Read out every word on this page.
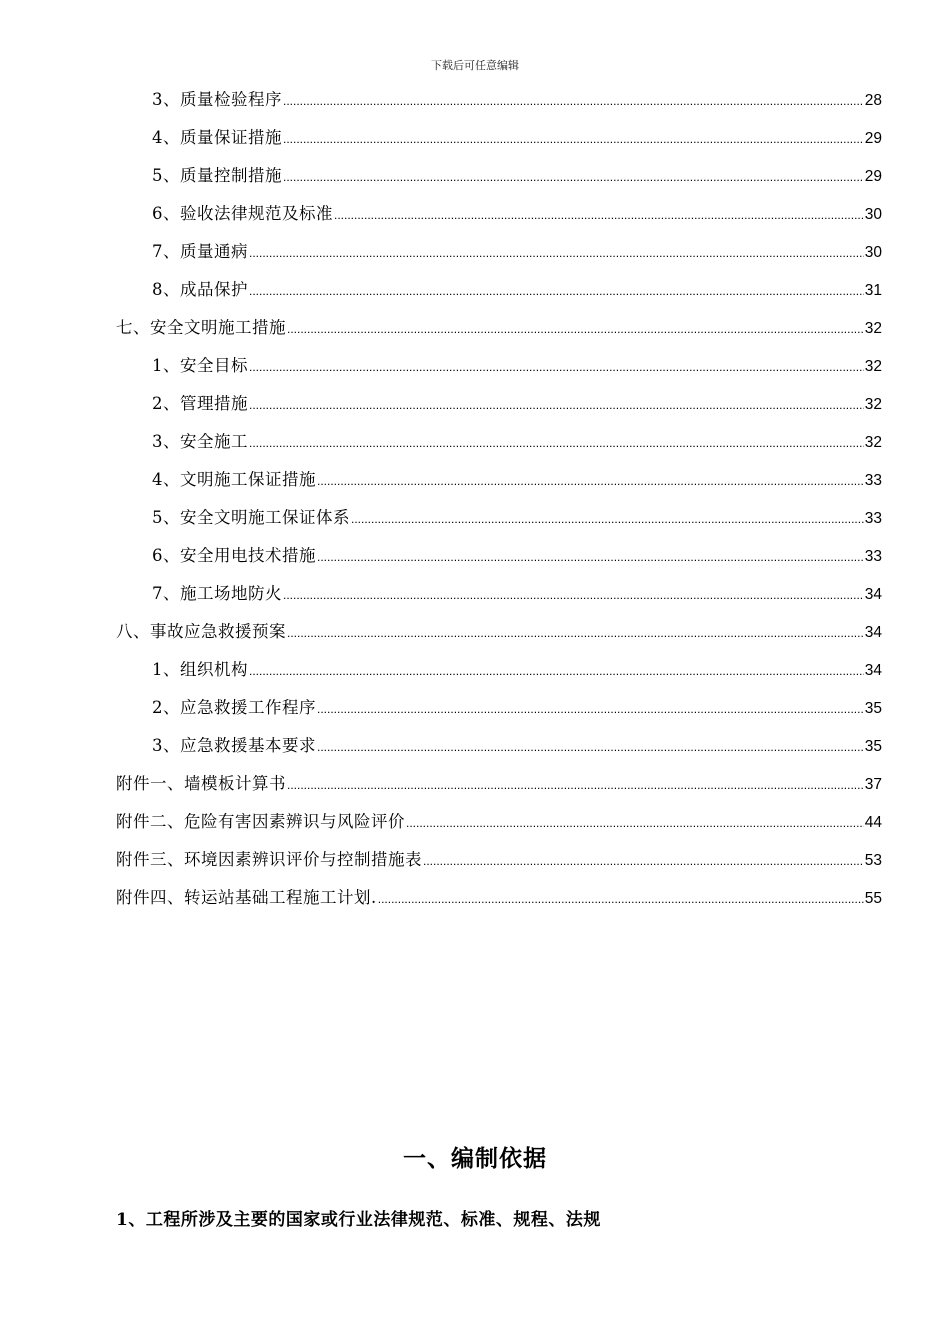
下载后可任意编辑
3、质量检验程序 .....	28
4、质量保证措施 .....	29
5、质量控制措施 .....	29
6、验收法律规范及标准 .....	30
7、质量通病 .....	30
8、成品保护 .....	31
七、安全文明施工措施 .....	32
1、安全目标 .....	32
2、管理措施 .....	32
3、安全施工 .....	32
4、文明施工保证措施 .....	33
5、安全文明施工保证体系 .....	33
6、安全用电技术措施 .....	33
7、施工场地防火 .....	34
八、事故应急救援预案 .....	34
1、组织机构 .....	34
2、应急救援工作程序 .....	35
3、应急救援基本要求 .....	35
附件一、墙模板计算书 .....	37
附件二、危险有害因素辨识与风险评价 .....	44
附件三、环境因素辨识评价与控制措施表 .....	53
附件四、转运站基础工程施工计划. .....	55
一、编制依据
1、工程所涉及主要的国家或行业法律规范、标准、规程、法规
